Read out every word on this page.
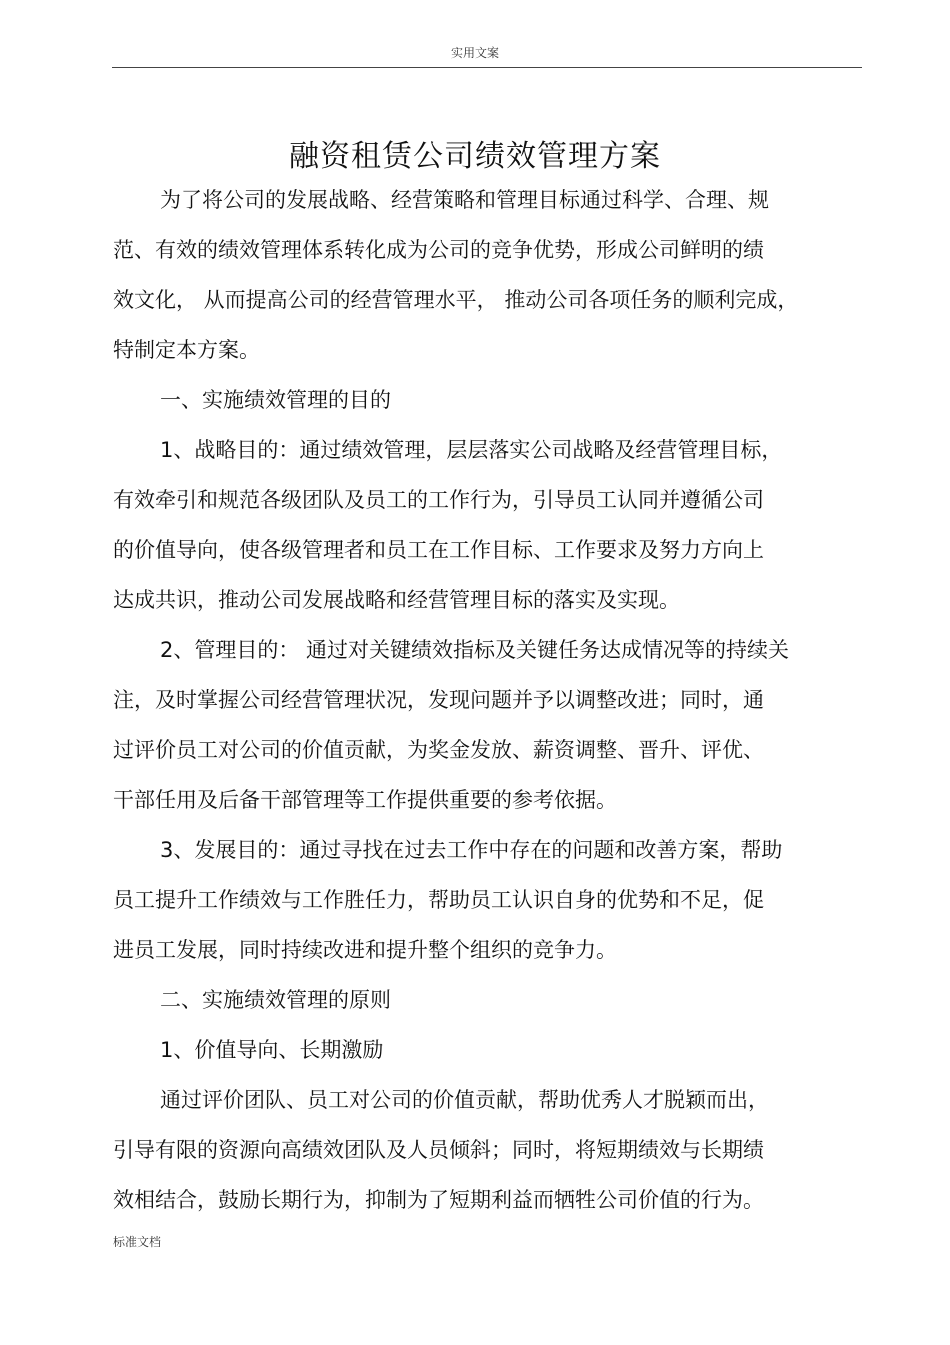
实用文案
融资租赁公司绩效管理方案
为了将公司的发展战略、经营策略和管理目标通过科学、合理、规
范、有效的绩效管理体系转化成为公司的竞争优势，形成公司鲜明的绩
效文化， 从而提高公司的经营管理水平， 推动公司各项任务的顺利完成，
特制定本方案。
一、实施绩效管理的目的
1、战略目的：通过绩效管理，层层落实公司战略及经营管理目标，
有效牵引和规范各级团队及员工的工作行为，引导员工认同并遵循公司
的价值导向，使各级管理者和员工在工作目标、工作要求及努力方向上
达成共识，推动公司发展战略和经营管理目标的落实及实现。
2、管理目的： 通过对关键绩效指标及关键任务达成情况等的持续关
注，及时掌握公司经营管理状况，发现问题并予以调整改进；同时，通
过评价员工对公司的价值贡献，为奖金发放、薪资调整、晋升、评优、
干部任用及后备干部管理等工作提供重要的参考依据。
3、发展目的：通过寻找在过去工作中存在的问题和改善方案，帮助
员工提升工作绩效与工作胜任力，帮助员工认识自身的优势和不足，促
进员工发展，同时持续改进和提升整个组织的竞争力。
二、实施绩效管理的原则
1、价值导向、长期激励
通过评价团队、员工对公司的价值贡献，帮助优秀人才脱颖而出，
引导有限的资源向高绩效团队及人员倾斜；同时，将短期绩效与长期绩
效相结合，鼓励长期行为，抑制为了短期利益而牺牲公司价值的行为。
标准文档
